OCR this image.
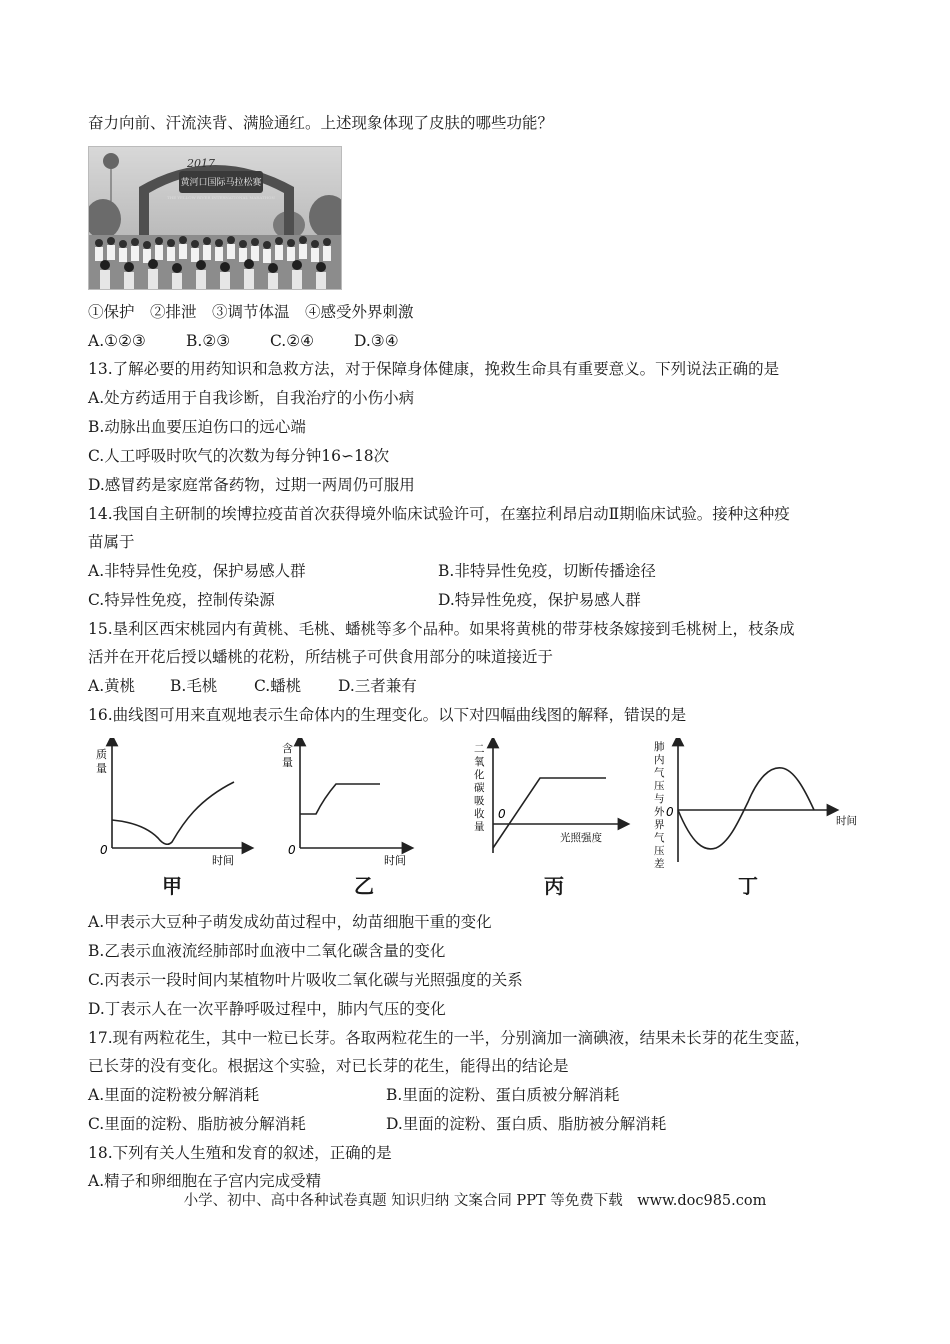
奋力向前、汗流浃背、满脸通红。上述现象体现了皮肤的哪些功能？
黄河口国际马拉松赛
THE YELLOW RIVER INTERNATIONAL MARATHON
2017
①保护　②排泄　③调节体温　④感受外界刺激
A.①②③	B.②③	C.②④	D.③④
13.了解必要的用药知识和急救方法，对于保障身体健康，挽救生命具有重要意义。下列说法正确的是
A.处方药适用于自我诊断，自我治疗的小伤小病
B.动脉出血要压迫伤口的远心端
C.人工呼吸时吹气的次数为每分钟16∽18次
D.感冒药是家庭常备药物，过期一两周仍可服用
14.我国自主研制的埃博拉疫苗首次获得境外临床试验许可，在塞拉利昂启动Ⅱ期临床试验。接种这种疫
苗属于
A.非特异性免疫，保护易感人群	B.非特异性免疫，切断传播途径
C.特异性免疫，控制传染源	D.特异性免疫，保护易感人群
15.垦利区西宋桃园内有黄桃、毛桃、蟠桃等多个品种。如果将黄桃的带芽枝条嫁接到毛桃树上，枝条成
活并在开花后授以蟠桃的花粉，所结桃子可供食用部分的味道接近于
A.黄桃 B.毛桃 C.蟠桃 D.三者兼有
16.曲线图可用来直观地表示生命体内的生理变化。以下对四幅曲线图的解释，错误的是
质
量
0
时间
含
量
0
时间
二
氧
化
碳
吸
收
量
0
光照强度
肺
内
气
压
与
外
界
气
压
差
0
时间
甲	乙	丙	丁
A.甲表示大豆种子萌发成幼苗过程中，幼苗细胞干重的变化
B.乙表示血液流经肺部时血液中二氧化碳含量的变化
C.丙表示一段时间内某植物叶片吸收二氧化碳与光照强度的关系
D.丁表示人在一次平静呼吸过程中，肺内气压的变化
17.现有两粒花生，其中一粒已长芽。各取两粒花生的一半，分别滴加一滴碘液，结果未长芽的花生变蓝，
已长芽的没有变化。根据这个实验，对已长芽的花生，能得出的结论是
A.里面的淀粉被分解消耗	B.里面的淀粉、蛋白质被分解消耗
C.里面的淀粉、脂肪被分解消耗	D.里面的淀粉、蛋白质、脂肪被分解消耗
18.下列有关人生殖和发育的叙述，正确的是
A.精子和卵细胞在子宫内完成受精
小学、初中、高中各种试卷真题 知识归纳 文案合同 PPT 等免费下载　www.doc985.com
